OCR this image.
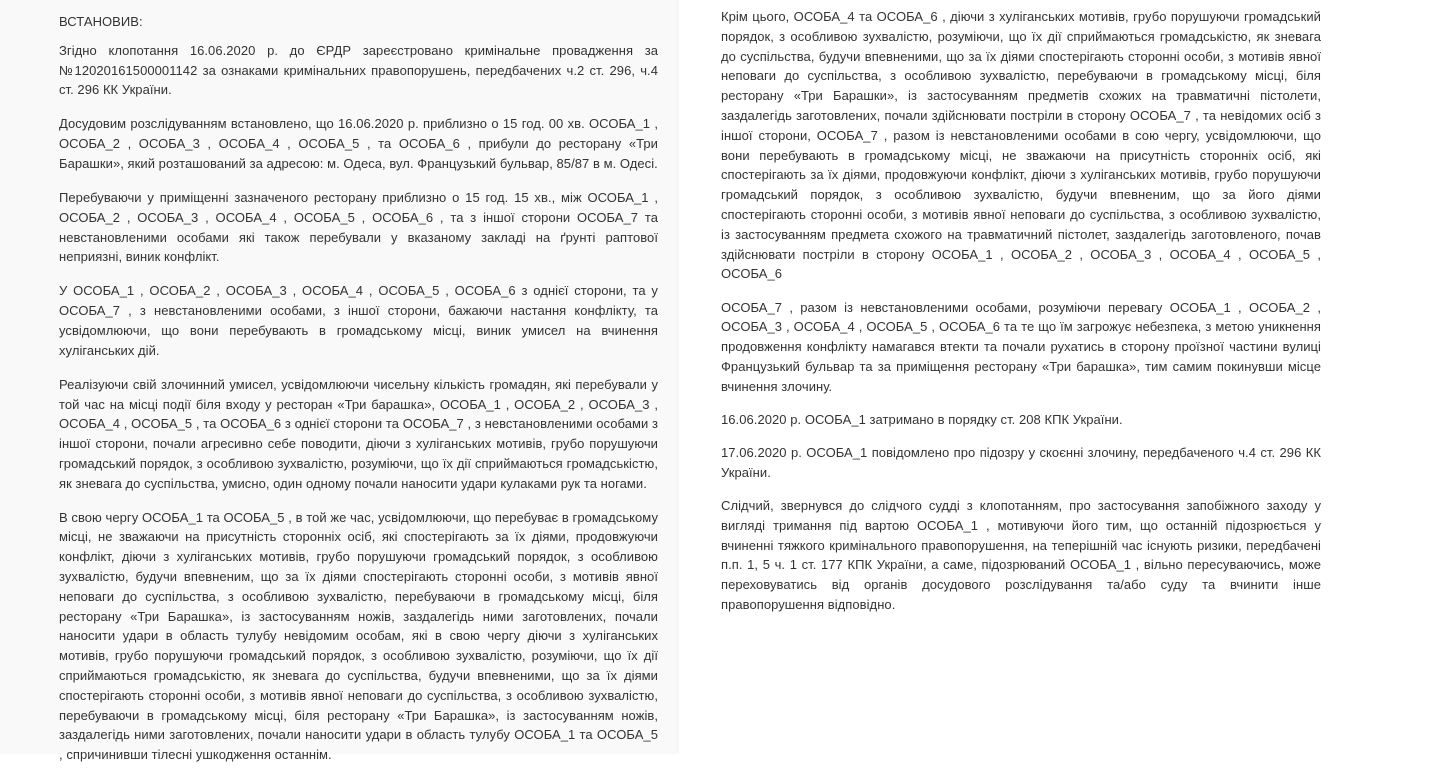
ВСТАНОВИВ:

Згідно клопотання 16.06.2020 р. до ЄРДР зареєстровано кримінальне провадження за №12020161500001142 за ознаками кримінальних правопорушень, передбачених ч.2 ст. 296, ч.4 ст. 296 КК України.

Досудовим розслідуванням встановлено, що 16.06.2020 р. приблизно о 15 год. 00 хв. ОСОБА_1 , ОСОБА_2 , ОСОБА_3 , ОСОБА_4 , ОСОБА_5 , та ОСОБА_6 , прибули до ресторану «Три Барашки», який розташований за адресою: м. Одеса, вул. Французький бульвар, 85/87 в м. Одесі.

Перебуваючи у приміщенні зазначеного ресторану приблизно о 15 год. 15 хв., між ОСОБА_1 , ОСОБА_2 , ОСОБА_3 , ОСОБА_4 , ОСОБА_5 , ОСОБА_6 , та з іншої сторони ОСОБА_7 та невстановленими особами які також перебували у вказаному закладі на ґрунті раптової неприязні, виник конфлікт.

У ОСОБА_1 , ОСОБА_2 , ОСОБА_3 , ОСОБА_4 , ОСОБА_5 , ОСОБА_6 з однієї сторони, та у ОСОБА_7 , з невстановленими особами, з іншої сторони, бажаючи настання конфлікту, та усвідомлюючи, що вони перебувають в громадському місці, виник умисел на вчинення хуліганських дій.

Реалізуючи свій злочинний умисел, усвідомлюючи чисельну кількість громадян, які перебували у той час на місці події біля входу у ресторан «Три барашка», ОСОБА_1 , ОСОБА_2 , ОСОБА_3 , ОСОБА_4 , ОСОБА_5 , та ОСОБА_6 з однієї сторони та ОСОБА_7 , з невстановленими особами з іншої сторони, почали агресивно себе поводити, діючи з хуліганських мотивів, грубо порушуючи громадський порядок, з особливою зухвалістю, розуміючи, що їх дії сприймаються громадськістю, як зневага до суспільства, умисно, один одному почали наносити удари кулаками рук та ногами.

В свою чергу ОСОБА_1 та ОСОБА_5 , в той же час, усвідомлюючи, що перебуває в громадському місці, не зважаючи на присутність сторонніх осіб, які спостерігають за їх діями, продовжуючи конфлікт, діючи з хуліганських мотивів, грубо порушуючи громадський порядок, з особливою зухвалістю, будучи впевненим, що за їх діями спостерігають сторонні особи, з мотивів явної неповаги до суспільства, з особливою зухвалістю, перебуваючи в громадському місці, біля ресторану «Три Барашка», із застосуванням ножів, заздалегідь ними заготовлених, почали наносити удари в область тулубу невідомим особам, які в свою чергу діючи з хуліганських мотивів, грубо порушуючи громадський порядок, з особливою зухвалістю, розуміючи, що їх дії сприймаються громадськістю, як зневага до суспільства, будучи впевненими, що за їх діями спостерігають сторонні особи, з мотивів явної неповаги до суспільства, з особливою зухвалістю, перебуваючи в громадському місці, біля ресторану «Три Барашка», із застосуванням ножів, заздалегідь ними заготовлених, почали наносити удари в область тулубу ОСОБА_1 та ОСОБА_5 , спричинивши тілесні ушкодження останнім.

Крім цього, ОСОБА_4 та ОСОБА_6 , діючи з хуліганських мотивів, грубо порушуючи громадський порядок, з особливою зухвалістю, розуміючи, що їх дії сприймаються громадськістю, як зневага до суспільства, будучи впевненими, що за їх діями спостерігають сторонні особи, з мотивів явної неповаги до суспільства, з особливою зухвалістю, перебуваючи в громадському місці, біля ресторану «Три Барашки», із застосуванням предметів схожих на травматичні пістолети, заздалегідь заготовлених, почали здійснювати постріли в сторону ОСОБА_7 , та невідомих осіб з іншої сторони, ОСОБА_7 , разом із невстановленими особами в сою чергу, усвідомлюючи, що вони перебувають в громадському місці, не зважаючи на присутність сторонніх осіб, які спостерігають за їх діями, продовжуючи конфлікт, діючи з хуліганських мотивів, грубо порушуючи громадський порядок, з особливою зухвалістю, будучи впевненим, що за його діями спостерігають сторонні особи, з мотивів явної неповаги до суспільства, з особливою зухвалістю, із застосуванням предмета схожого на травматичний пістолет, заздалегідь заготовленого, почав здійснювати постріли в сторону ОСОБА_1 , ОСОБА_2 , ОСОБА_3 , ОСОБА_4 , ОСОБА_5 , ОСОБА_6

ОСОБА_7 , разом із невстановленими особами, розуміючи перевагу ОСОБА_1 , ОСОБА_2 , ОСОБА_3 , ОСОБА_4 , ОСОБА_5 , ОСОБА_6 та те що їм загрожує небезпека, з метою уникнення продовження конфлікту намагався втекти та почали рухатись в сторону проїзної частини вулиці Французький бульвар та за приміщення ресторану «Три барашка», тим самим покинувши місце вчинення злочину.

16.06.2020 р. ОСОБА_1 затримано в порядку ст. 208 КПК України.

17.06.2020 р. ОСОБА_1 повідомлено про підозру у скоєнні злочину, передбаченого ч.4 ст. 296 КК України.

Слідчий, звернувся до слідчого судді з клопотанням, про застосування запобіжного заходу у вигляді тримання під вартою ОСОБА_1 , мотивуючи його тим, що останній підозрюється у вчиненні тяжкого кримінального правопорушення, на теперішній час існують ризики, передбачені п.п. 1, 5 ч. 1 ст. 177 КПК України, а саме, підозрюваний ОСОБА_1 , вільно пересуваючись, може переховуватись від органів досудового розслідування та/або суду та вчинити інше правопорушення відповідно.
